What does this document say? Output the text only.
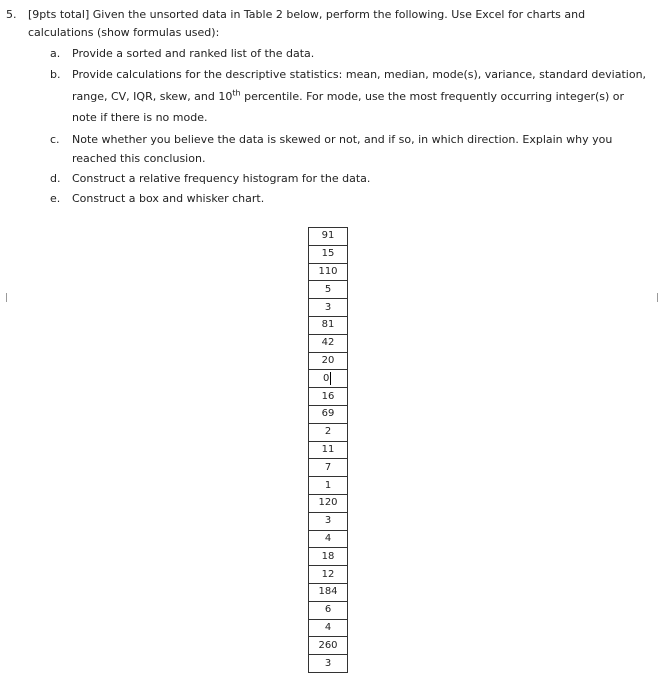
5. [9pts total] Given the unsorted data in Table 2 below, perform the following. Use Excel for charts and calculations (show formulas used):
a. Provide a sorted and ranked list of the data.
b. Provide calculations for the descriptive statistics: mean, median, mode(s), variance, standard deviation, range, CV, IQR, skew, and 10th percentile. For mode, use the most frequently occurring integer(s) or note if there is no mode.
c. Note whether you believe the data is skewed or not, and if so, in which direction. Explain why you reached this conclusion.
d. Construct a relative frequency histogram for the data.
e. Construct a box and whisker chart.
91
15
110
5
3
81
42
20
0
16
69
2
11
7
1
120
3
4
18
12
184
6
4
260
3
